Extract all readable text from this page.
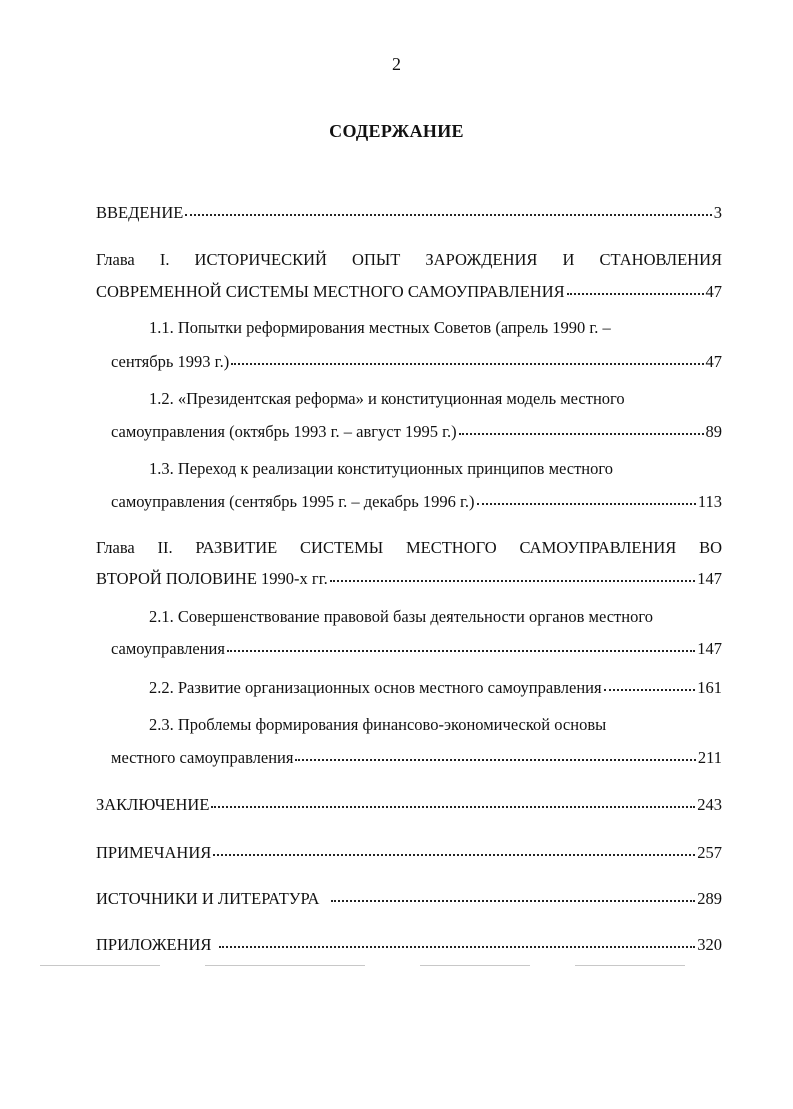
2
СОДЕРЖАНИЕ
ВВЕДЕНИЕ	3
Глава I. ИСТОРИЧЕСКИЙ ОПЫТ ЗАРОЖДЕНИЯ И СТАНОВЛЕНИЯ
СОВРЕМЕННОЙ СИСТЕМЫ МЕСТНОГО САМОУПРАВЛЕНИЯ	47
1.1. Попытки реформирования местных Советов (апрель 1990 г. –
сентябрь 1993 г.)	47
1.2. «Президентская реформа» и конституционная модель местного
самоуправления (октябрь 1993 г. – август 1995 г.)	89
1.3. Переход к реализации конституционных принципов местного
самоуправления (сентябрь 1995 г. – декабрь 1996 г.)	113
Глава II. РАЗВИТИЕ СИСТЕМЫ МЕСТНОГО САМОУПРАВЛЕНИЯ ВО
ВТОРОЙ ПОЛОВИНЕ 1990-х гг.	147
2.1. Совершенствование правовой базы деятельности органов местного
самоуправления	147
2.2. Развитие организационных основ местного самоуправления	161
2.3. Проблемы формирования финансово-экономической основы
местного самоуправления	211
ЗАКЛЮЧЕНИЕ	243
ПРИМЕЧАНИЯ	257
ИСТОЧНИКИ И ЛИТЕРАТУРА	289
ПРИЛОЖЕНИЯ	320
